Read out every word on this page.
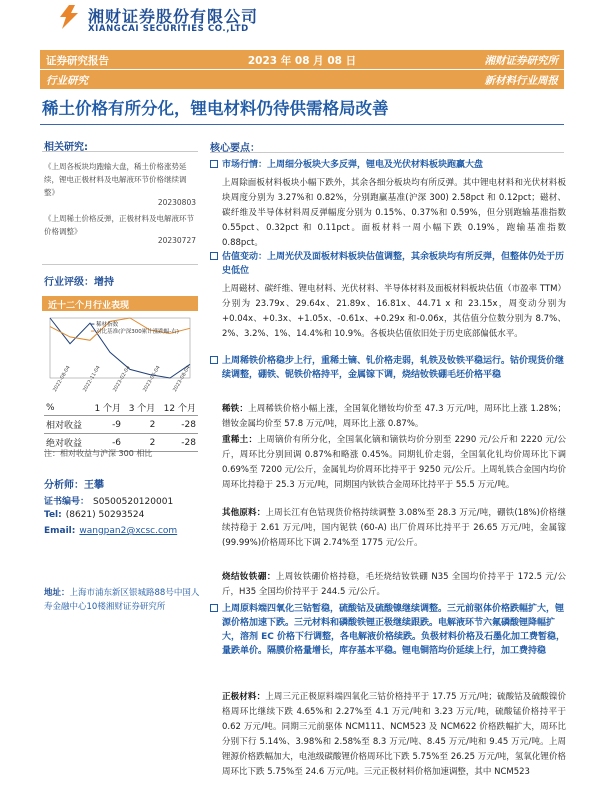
湘财证券股份有限公司
XIANGCAI SECURITIES CO.,LTD
证券研究报告	2023 年 08 月 08 日	湘财证券研究所
行业研究	新材料行业周报
稀土价格有所分化，锂电材料仍待供需格局改善
相关研究:
《上周各板块均跑输大盘，稀土价格涨势延续，锂电正极材料及电解液环节价格继续调整》
20230803
《上周稀土价格反弹，正极材料及电解液环节价格调整》
20230727
行业评级：增持
近十二个月行业表现
━ 稀材指数
━ 对比基准(沪深300累计涨跌幅-右)
2022-08-04 2022-11-04 2023-02-04 2023-05-04 2023-08-04
%	1 个月	3 个月	12 个月
相对收益	-9	2	-28
绝对收益	-6	2	-28
注：相对收益与沪深 300 相比
分析师：王攀
证书编号： S0500520120001
Tel: (8621) 50293524
Email: wangpan2@xcsc.com
地址：上海市浦东新区银城路88号中国人寿金融中心10楼湘财证券研究所
核心要点：
市场行情：上周细分板块大多反弹，锂电及光伏材料板块跑赢大盘
上周除面板材料板块小幅下跌外，其余各细分板块均有所反弹。其中锂电材料和光伏材料板块周度分别为 3.27%和 0.82%，分别跑赢基准(沪深 300) 2.58pct 和 0.12pct；磁材、碳纤维及半导体材料周反弹幅度分别为 0.15%、0.37%和 0.59%，但分别跑输基准指数 0.55pct、0.32pct 和 0.11pct。面板材料一周小幅下跌 0.19%，跑输基准指数 0.88pct。
估值变动：上周光伏及面板材料板块估值调整，其余板块均有所反弹，但整体仍处于历史低位
上周磁材、碳纤维、锂电材料、光伏材料、半导体材料及面板材料板块估值（市盈率 TTM）分别为 23.79x、29.64x、21.89x、16.81x、44.71 x 和 23.15x，周变动分别为+0.04x、+0.3x、+1.05x、-0.61x、+0.29x 和-0.06x，其估值分位数分别为 8.7%、2%、3.2%、1%、14.4%和 10.9%。各板块估值依旧处于历史底部偏低水平。
上周稀铁价格稳步上行，重稀土镝、钆价格走弱，轧铁及钕铁平稳运行。钴价现货价继续调整，硼铁、铌铁价格持平，金属镓下调，烧结钕铁硼毛坯价格平稳
稀铁：上周稀铁价格小幅上涨，全国氧化镨钕均价至 47.3 万元/吨，周环比上涨 1.28%；镨钕金属均价至 57.8 万元/吨，周环比上涨 0.87%。
重稀土：上周镝价有所分化，全国氧化镝和镝铁均价分别至 2290 元/公斤和 2220 元/公斤，周环比分别回调 0.87%和略涨 0.45%。同期钆价走弱，全国氧化钆均价周环比下调 0.69%至 7200 元/公斤，金属钆均价周环比持平于 9250 元/公斤。上周轧铁合金国内均价周环比持稳于 25.3 万元/吨，同期国内钬铁合金周环比持平于 55.5 万元/吨。
其他原料：上周长江有色钴现货价格持续调整 3.08%至 28.3 万元/吨，硼铁(18%)价格继续持稳于 2.61 万元/吨，国内铌铁 (60-A) 出厂价周环比持平于 26.65 万元/吨，金属镓(99.99%)价格周环比下调 2.74%至 1775 元/公斤。
烧结钕铁硼：上周钕铁硼价格持稳，毛坯烧结钕铁硼 N35 全国均价持平于 172.5 元/公斤，H35 全国均价持平于 244.5 元/公斤。
上周原料端四氧化三钴暂稳，硫酸钴及硫酸镍继续调整。三元前驱体价格跌幅扩大，锂源价格加速下跌。三元材料和磷酸铁锂正极继续跟跌。电解液环节六氟磷酸锂降幅扩大，溶剂 EC 价格下行调整，各电解液价格续跌。负极材料价格及石墨化加工费暂稳，量跌单价。隔膜价格量增长，库存基本平稳。锂电铜箔均价延续上行，加工费持稳
正极材料：上周三元正极原料端四氧化三钴价格持平于 17.75 万元/吨；硫酸钴及硫酸镍价格周环比继续下跌 4.65%和 2.27%至 4.1 万元/吨和 3.23 万元/吨，硫酸锰价格持平于 0.62 万元/吨。同期三元前驱体 NCM111、NCM523 及 NCM622 价格跌幅扩大，周环比分别下行 5.14%、3.98%和 2.58%至 8.3 万元/吨、8.45 万元/吨和 9.45 万元/吨。上周锂源价格跌幅加大，电池级碳酸锂价格周环比下跌 5.75%至 26.25 万元/吨，氢氧化锂价格周环比下跌 5.75%至 24.6 万元/吨。三元正极材料价格加速调整，其中 NCM523
